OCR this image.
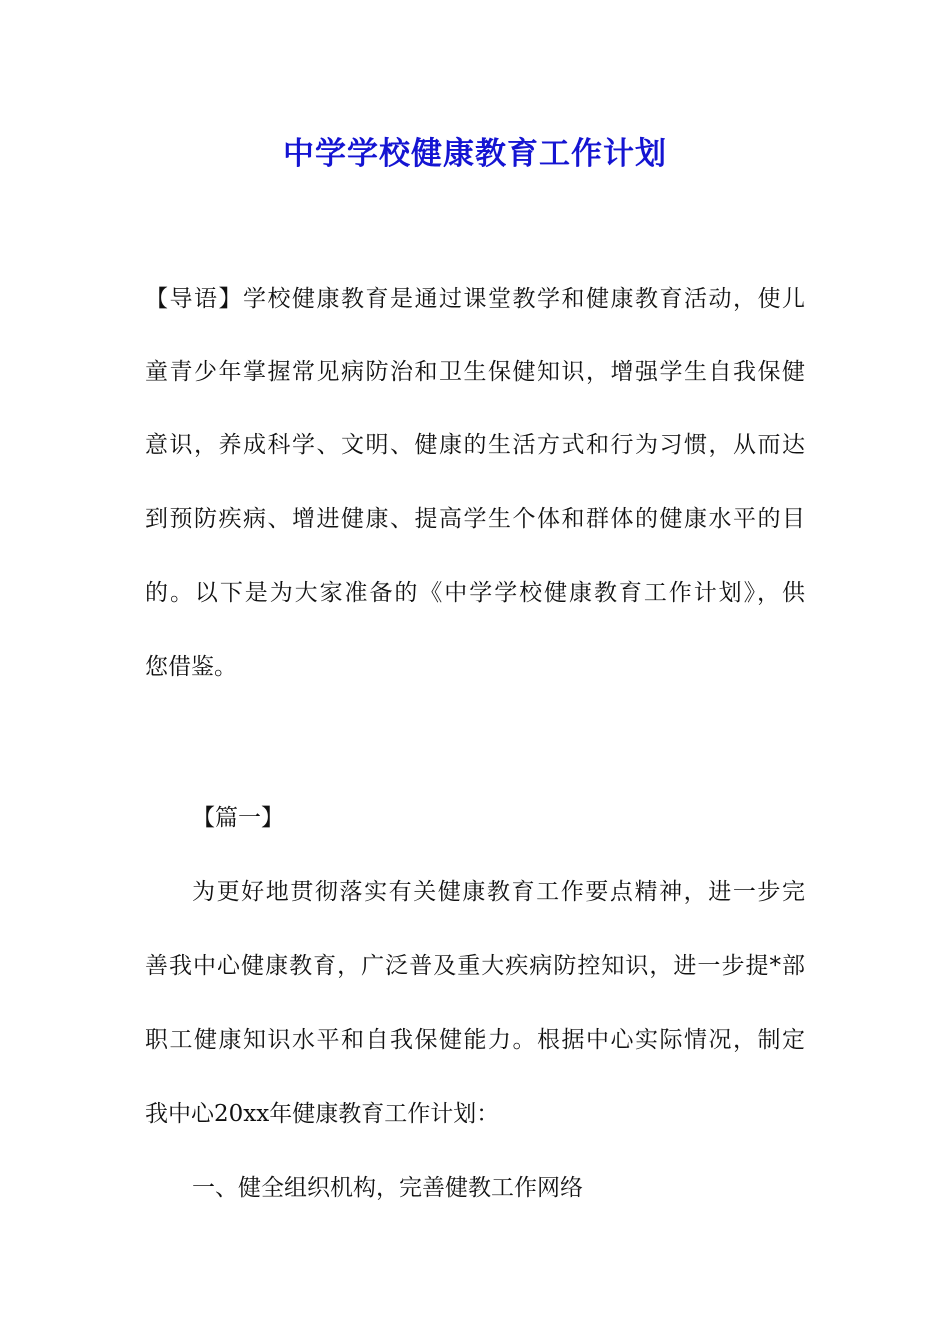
中学学校健康教育工作计划

【导语】学校健康教育是通过课堂教学和健康教育活动，使儿

童青少年掌握常见病防治和卫生保健知识，增强学生自我保健

意识，养成科学、文明、健康的生活方式和行为习惯，从而达

到预防疾病、增进健康、提高学生个体和群体的健康水平的目

的。以下是为大家准备的《中学学校健康教育工作计划》，供

您借鉴。

【篇一】

为更好地贯彻落实有关健康教育工作要点精神，进一步完

善我中心健康教育，广泛普及重大疾病防控知识，进一步提*部

职工健康知识水平和自我保健能力。根据中心实际情况，制定

我中心20xx年健康教育工作计划：

一、健全组织机构，完善健教工作网络
